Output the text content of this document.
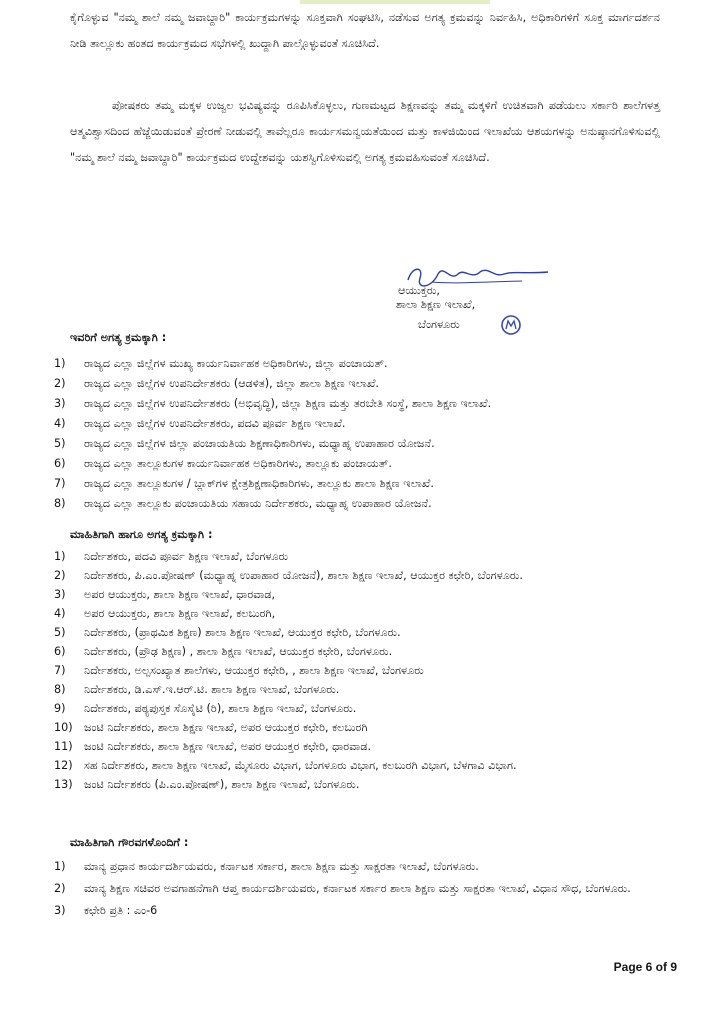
ಕೈಗೊಳ್ಳುವ "ನಮ್ಮ ಶಾಲೆ ನಮ್ಮ ಜವಾಬ್ದಾರಿ" ಕಾರ್ಯಕ್ರಮಗಳನ್ನು ಸೂಕ್ತವಾಗಿ ಸಂಘಟಿಸಿ, ನಡೆಸುವ ಅಗತ್ಯ ಕ್ರಮವನ್ನು ನಿರ್ವಹಿಸಿ, ಅಧಿಕಾರಿಗಳಿಗೆ ಸೂಕ್ತ ಮಾರ್ಗದರ್ಶನ ನೀಡಿ ತಾಲ್ಲೂಕು ಹಂತದ ಕಾರ್ಯಕ್ರಮದ ಸಭೆಗಳಲ್ಲಿ ಖುದ್ದಾಗಿ ಪಾಲ್ಗೊಳ್ಳುವಂತೆ ಸೂಚಿಸಿದೆ.

ಪೋಷಕರು ತಮ್ಮ ಮಕ್ಕಳ ಉಜ್ವಲ ಭವಿಷ್ಯವನ್ನು ರೂಪಿಸಿಕೊಳ್ಳಲು, ಗುಣಮಟ್ಟದ ಶಿಕ್ಷಣವನ್ನು ತಮ್ಮ ಮಕ್ಕಳಿಗೆ ಉಚಿತವಾಗಿ ಪಡೆಯಲು ಸರ್ಕಾರಿ ಶಾಲೆಗಳತ್ತ ಆತ್ಮವಿಶ್ವಾಸದಿಂದ ಹೆಜ್ಜೆಯಿಡುವಂತೆ ಪ್ರೇರಣೆ ನೀಡುವಲ್ಲಿ ತಾವೆಲ್ಲರೂ ಕಾರ್ಯಸಮನ್ವಯತೆಯಿಂದ ಮತ್ತು ಕಾಳಜಿಯಿಂದ ಇಲಾಖೆಯ ಆಶಯಗಳನ್ನು ಅನುಷ್ಠಾನಗೊಳಿಸುವಲ್ಲಿ "ನಮ್ಮ ಶಾಲೆ ನಮ್ಮ ಜವಾಬ್ದಾರಿ" ಕಾರ್ಯಕ್ರಮದ ಉದ್ದೇಶವನ್ನು ಯಶಸ್ವಿಗೊಳಿಸುವಲ್ಲಿ ಅಗತ್ಯ ಕ್ರಮವಹಿಸುವಂತೆ ಸೂಚಿಸಿದೆ.

ಆಯುಕ್ತರು,
ಶಾಲಾ ಶಿಕ್ಷಣ ಇಲಾಖೆ,
ಬೆಂಗಳೂರು

ಇವರಿಗೆ ಅಗತ್ಯ ಕ್ರಮಕ್ಕಾಗಿ :

1) ರಾಜ್ಯದ ಎಲ್ಲಾ ಜಿಲ್ಲೆಗಳ ಮುಖ್ಯ ಕಾರ್ಯನಿರ್ವಾಹಕ ಅಧಿಕಾರಿಗಳು, ಜಿಲ್ಲಾ ಪಂಚಾಯತ್.
2) ರಾಜ್ಯದ ಎಲ್ಲಾ ಜಿಲ್ಲೆಗಳ ಉಪನಿರ್ದೇಶಕರು (ಆಡಳಿತ), ಜಿಲ್ಲಾ ಶಾಲಾ ಶಿಕ್ಷಣ ಇಲಾಖೆ.
3) ರಾಜ್ಯದ ಎಲ್ಲಾ ಜಿಲ್ಲೆಗಳ ಉಪನಿರ್ದೇಶಕರು (ಅಭಿವೃದ್ಧಿ), ಜಿಲ್ಲಾ ಶಿಕ್ಷಣ ಮತ್ತು ತರಬೇತಿ ಸಂಸ್ಥೆ, ಶಾಲಾ ಶಿಕ್ಷಣ ಇಲಾಖೆ.
4) ರಾಜ್ಯದ ಎಲ್ಲಾ ಜಿಲ್ಲೆಗಳ ಉಪನಿರ್ದೇಶಕರು, ಪದವಿ ಪೂರ್ವ ಶಿಕ್ಷಣ ಇಲಾಖೆ.
5) ರಾಜ್ಯದ ಎಲ್ಲಾ ಜಿಲ್ಲೆಗಳ ಜಿಲ್ಲಾ ಪಂಚಾಯತಿಯ ಶಿಕ್ಷಣಾಧಿಕಾರಿಗಳು, ಮಧ್ಯಾಹ್ನ ಉಪಾಹಾರ ಯೋಜನೆ.
6) ರಾಜ್ಯದ ಎಲ್ಲಾ ತಾಲ್ಲೂಕುಗಳ ಕಾರ್ಯನಿರ್ವಾಹಕ ಅಧಿಕಾರಿಗಳು, ತಾಲ್ಲೂಕು ಪಂಚಾಯತ್.
7) ರಾಜ್ಯದ ಎಲ್ಲಾ ತಾಲ್ಲೂಕುಗಳ / ಬ್ಲಾಕ್‌ಗಳ ಕ್ಷೇತ್ರಶಿಕ್ಷಣಾಧಿಕಾರಿಗಳು, ತಾಲ್ಲೂಕು ಶಾಲಾ ಶಿಕ್ಷಣ ಇಲಾಖೆ.
8) ರಾಜ್ಯದ ಎಲ್ಲಾ ತಾಲ್ಲೂಕು ಪಂಚಾಯತಿಯ ಸಹಾಯ ನಿರ್ದೇಶಕರು, ಮಧ್ಯಾಹ್ನ ಉಪಾಹಾರ ಯೋಜನೆ.

ಮಾಹಿತಿಗಾಗಿ ಹಾಗೂ ಅಗತ್ಯ ಕ್ರಮಕ್ಕಾಗಿ :

1) ನಿರ್ದೇಶಕರು, ಪದವಿ ಪೂರ್ವ ಶಿಕ್ಷಣ ಇಲಾಖೆ, ಬೆಂಗಳೂರು
2) ನಿರ್ದೇಶಕರು, ಪಿ.ಎಂ.ಪೋಷಣ್ (ಮಧ್ಯಾಹ್ನ ಉಪಾಹಾರ ಯೋಜನೆ), ಶಾಲಾ ಶಿಕ್ಷಣ ಇಲಾಖೆ, ಆಯುಕ್ತರ ಕಛೇರಿ, ಬೆಂಗಳೂರು.
3) ಅಪರ ಆಯುಕ್ತರು, ಶಾಲಾ ಶಿಕ್ಷಣ ಇಲಾಖೆ, ಧಾರವಾಡ,
4) ಅಪರ ಆಯುಕ್ತರು, ಶಾಲಾ ಶಿಕ್ಷಣ ಇಲಾಖೆ, ಕಲಬುರಗಿ,
5) ನಿರ್ದೇಶಕರು, (ಪ್ರಾಥಮಿಕ ಶಿಕ್ಷಣ) ಶಾಲಾ ಶಿಕ್ಷಣ ಇಲಾಖೆ, ಆಯುಕ್ತರ ಕಛೇರಿ, ಬೆಂಗಳೂರು.
6) ನಿರ್ದೇಶಕರು, (ಪ್ರೌಢ ಶಿಕ್ಷಣ) , ಶಾಲಾ ಶಿಕ್ಷಣ ಇಲಾಖೆ, ಆಯುಕ್ತರ ಕಛೇರಿ, ಬೆಂಗಳೂರು.
7) ನಿರ್ದೇಶಕರು, ಅಲ್ಪಸಂಖ್ಯಾತ ಶಾಲೆಗಳು, ಆಯುಕ್ತರ ಕಛೇರಿ, , ಶಾಲಾ ಶಿಕ್ಷಣ ಇಲಾಖೆ, ಬೆಂಗಳೂರು
8) ನಿರ್ದೇಶಕರು, ಡಿ.ಎಸ್.ಇ.ಆರ್.ಟಿ. ಶಾಲಾ ಶಿಕ್ಷಣ ಇಲಾಖೆ, ಬೆಂಗಳೂರು.
9) ನಿರ್ದೇಶಕರು, ಪಠ್ಯಪುಸ್ತಕ ಸೊಸೈಟಿ (ರಿ), ಶಾಲಾ ಶಿಕ್ಷಣ ಇಲಾಖೆ, ಬೆಂಗಳೂರು.
10) ಜಂಟಿ ನಿರ್ದೇಶಕರು, ಶಾಲಾ ಶಿಕ್ಷಣ ಇಲಾಖೆ, ಅಪರ ಆಯುಕ್ತರ ಕಛೇರಿ, ಕಲಬುರಗಿ
11) ಜಂಟಿ ನಿರ್ದೇಶಕರು, ಶಾಲಾ ಶಿಕ್ಷಣ ಇಲಾಖೆ, ಅಪರ ಆಯುಕ್ತರ ಕಛೇರಿ, ಧಾರವಾಡ.
12) ಸಹ ನಿರ್ದೇಶಕರು, ಶಾಲಾ ಶಿಕ್ಷಣ ಇಲಾಖೆ, ಮೈಸೂರು ವಿಭಾಗ, ಬೆಂಗಳೂರು ವಿಭಾಗ, ಕಲಬುರಗಿ ವಿಭಾಗ, ಬೆಳಗಾವಿ ವಿಭಾಗ.
13) ಜಂಟಿ ನಿರ್ದೇಶಕರು (ಪಿ.ಎಂ.ಪೋಷಣ್), ಶಾಲಾ ಶಿಕ್ಷಣ ಇಲಾಖೆ, ಬೆಂಗಳೂರು.

ಮಾಹಿತಿಗಾಗಿ ಗೌರವಗಳೊಂದಿಗೆ :

1) ಮಾನ್ಯ ಪ್ರಧಾನ ಕಾರ್ಯದರ್ಶಿಯವರು, ಕರ್ನಾಟಕ ಸರ್ಕಾರ, ಶಾಲಾ ಶಿಕ್ಷಣ ಮತ್ತು ಸಾಕ್ಷರತಾ ಇಲಾಖೆ, ಬೆಂಗಳೂರು.
2) ಮಾನ್ಯ ಶಿಕ್ಷಣ ಸಚಿವರ ಅವಗಾಹನೆಗಾಗಿ ಆಪ್ತ ಕಾರ್ಯದರ್ಶಿಯವರು, ಕರ್ನಾಟಕ ಸರ್ಕಾರ ಶಾಲಾ ಶಿಕ್ಷಣ ಮತ್ತು ಸಾಕ್ಷರತಾ ಇಲಾಖೆ, ವಿಧಾನ ಸೌಧ, ಬೆಂಗಳೂರು.
3) ಕಛೇರಿ ಪ್ರತಿ : ಎಂ-6
Page 6 of 9
